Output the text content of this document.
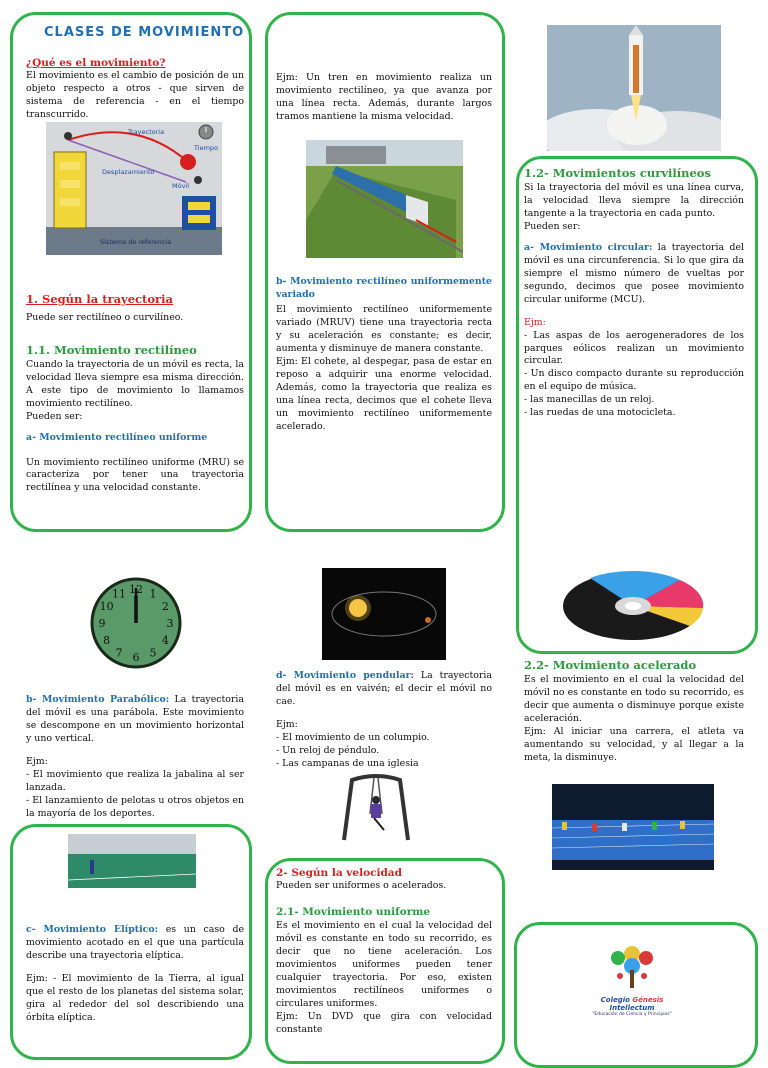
CLASES DE MOVIMIENTO
¿Qué es el movimiento?

El movimiento es el cambio de posición de un objeto respecto a otros - que sirven de sistema de referencia - en el tiempo transcurrido.

Trayectoria
Tiempo
Desplazamiento
Móvil
Sistema de referencia
1. Según la trayectoria

Puede ser rectilíneo o curvilíneo.

1.1. Movimiento rectilíneo

Cuando la trayectoria de un móvil es recta, la velocidad lleva siempre esa misma dirección. A este tipo de movimiento lo llamamos movimiento rectilíneo.

Pueden ser:

a- Movimiento rectilíneo uniforme

Un movimiento rectilíneo uniforme (MRU) se caracteriza por tener una trayectoria rectilínea y una velocidad constante.

Ejm: Un tren en movimiento realiza un movimiento rectilíneo, ya que avanza por una línea recta. Además, durante largos tramos mantiene la misma velocidad.

b- Movimiento rectilíneo uniformemente variado

El movimiento rectilíneo uniformemente variado (MRUV) tiene una trayectoria recta y su aceleración es constante; es decir, aumenta y disminuye de manera constante.

Ejm: El cohete, al despegar, pasa de estar en reposo a adquirir una enorme velocidad. Además, como la trayectoria que realiza es una línea recta, decimos que el cohete lleva un movimiento rectilíneo uniformemente acelerado.

1.2- Movimientos curvilíneos

Si la trayectoria del móvil es una línea curva, la velocidad lleva siempre la dirección tangente a la trayectoria en cada punto.

Pueden ser:

a- Movimiento circular: la trayectoria del móvil es una circunferencia. Si lo que gira da siempre el mismo número de vueltas por segundo, decimos que posee movimiento circular uniforme (MCU).

Ejm:

- Las aspas de los aerogeneradores de los parques eólicos realizan un movimiento circular.
- Un disco compacto durante su reproducción en el equipo de música.
- las manecillas de un reloj.
- las ruedas de una motocicleta.
12 1
2
3
4
5
6
7
8
9
10
11

b- Movimiento Parabólico: La trayectoria del móvil es una parábola. Este movimiento se descompone en un movimiento horizontal y uno vertical.

Ejm:

- El movimiento que realiza la jabalina al ser lanzada.

- El lanzamiento de pelotas u otros objetos en la mayoría de los deportes.

d- Movimiento pendular: La trayectoria del móvil es en vaivén; el decir el móvil no cae.

Ejm:

- El movimiento de un columpio.
- Un reloj de péndulo.
- Las campanas de una iglesia
2.2- Movimiento acelerado

Es el movimiento en el cual la velocidad del móvil no es constante en todo su recorrido, es decir que aumenta o disminuye porque existe aceleración.

Ejm: Al iniciar una carrera, el atleta va aumentando su velocidad, y al llegar a la meta, la disminuye.

c- Movimiento Elíptico: es un caso de movimiento acotado en el que una partícula describe una trayectoria elíptica.

Ejm: - El movimiento de la Tierra, al igual que el resto de los planetas del sistema solar, gira al rededor del sol describiendo una órbita elíptica.

2- Según la velocidad

Pueden ser uniformes o acelerados.

2.1- Movimiento uniforme

Es el movimiento en el cual la velocidad del móvil es constante en todo su recorrido, es decir que no tiene aceleración. Los movimientos uniformes pueden tener cualquier trayectoria. Por eso, existen movimientos rectilíneos uniformes o circulares uniformes.

Ejm: Un DVD que gira con velocidad constante

Colegio Génesis Intellectum
"Educación de Ciencia y Principios"
